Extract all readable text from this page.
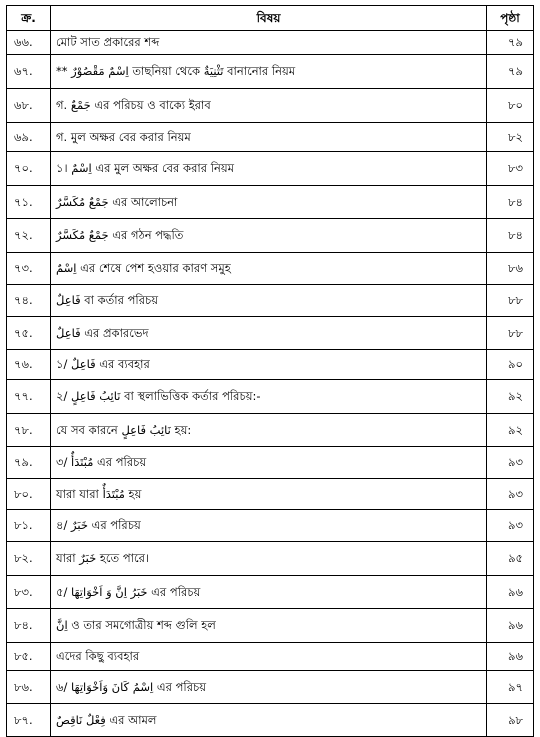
ক্র.	বিষয়	পৃষ্ঠা
৬৬.	মোট সাত প্রকারের শব্দ	৭৯
৬৭.	** اِسْمٌ مَقْصُوْرٌ তাছনিয়া থেকে تَثْنِيَةٌ বানানোর নিয়ম	৭৯
৬৮.	গ. جَمْعٌ এর পরিচয় ও বাক্যে ইরাব	৮০
৬৯.	গ. মুল অক্ষর বের করার নিয়ম	৮২
৭০.	১। اِسْمٌ এর মুল অক্ষর বের করার নিয়ম	৮৩
৭১.	جَمْعٌ مُكَسَّرٌ এর আলোচনা	৮৪
৭২.	جَمْعٌ مُكَسَّرٌ এর গঠন পদ্ধতি	৮৪
৭৩.	اِسْمٌ এর শেষে পেশ হওয়ার কারণ সমুহ	৮৬
৭৪.	فَاعِلٌ বা কর্তার পরিচয়	৮৮
৭৫.	فَاعِلٌ এর প্রকারভেদ	৮৮
৭৬.	১/ فَاعِلٌ এর ব্যবহার	৯০
৭৭.	২/ نَائِبُ فَاعِلٍ বা স্থলাভিত্তিক কর্তার পরিচয়:-	৯২
৭৮.	যে সব কারনে نَائِبُ فَاعِلٍ হয়:	৯২
৭৯.	৩/ مُبْتَدَأٌ এর পরিচয়	৯৩
৮০.	যারা যারা مُبْتَدَأٌ হয়	৯৩
৮১.	৪/ خَبَرٌ এর পরিচয়	৯৩
৮২.	যারা خَبَرٌ হতে পারে।	৯৫
৮৩.	৫/ خَبَرُ اِنَّ وَ اَخْوَاتِهَا এর পরিচয়	৯৬
৮৪.	اِنَّ ও তার সমগোত্রীয় শব্দ গুলি হল	৯৬
৮৫.	এদের কিছু ব্যবহার	৯৬
৮৬.	৬/ اِسْمُ كَانَ وَاَخْوَاتِهَا এর পরিচয়	৯৭
৮৭.	فِعْلٌ نَاقِصٌ এর আমল	৯৮
